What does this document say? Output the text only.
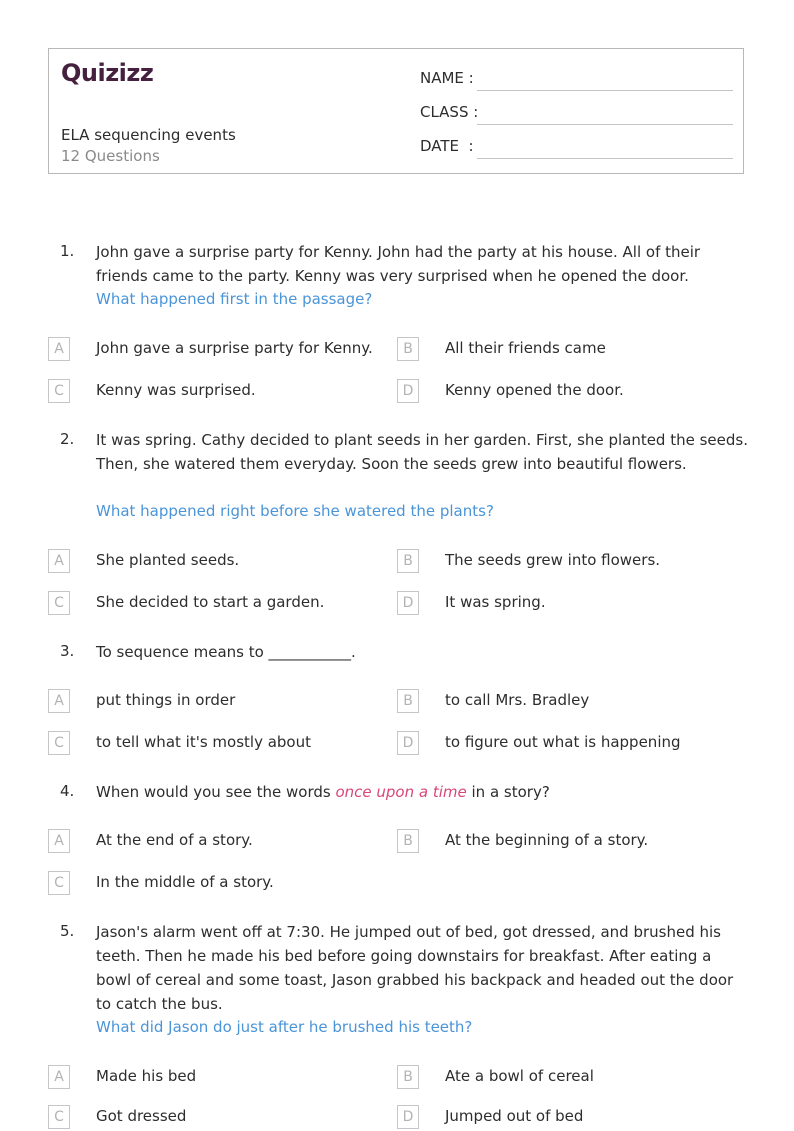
Quizizz
ELA sequencing events
12 Questions
NAME :
CLASS :
DATE  :
1. John gave a surprise party for Kenny. John had the party at his house. All of their friends came to the party. Kenny was very surprised when he opened the door.
What happened first in the passage?
A	John gave a surprise party for Kenny.	B	All their friends came
C	Kenny was surprised.	D	Kenny opened the door.
2. It was spring. Cathy decided to plant seeds in her garden. First, she planted the seeds. Then, she watered them everyday. Soon the seeds grew into beautiful flowers.
What happened right before she watered the plants?
A	She planted seeds.	B	The seeds grew into flowers.
C	She decided to start a garden.	D	It was spring.
3. To sequence means to ___________.
A	put things in order	B	to call Mrs. Bradley
C	to tell what it's mostly about	D	to figure out what is happening
4. When would you see the words once upon a time in a story?
A	At the end of a story.	B	At the beginning of a story.
C	In the middle of a story.
5. Jason's alarm went off at 7:30. He jumped out of bed, got dressed, and brushed his teeth. Then he made his bed before going downstairs for breakfast. After eating a bowl of cereal and some toast, Jason grabbed his backpack and headed out the door to catch the bus.
What did Jason do just after he brushed his teeth?
A	Made his bed	B	Ate a bowl of cereal
C	Got dressed	D	Jumped out of bed
